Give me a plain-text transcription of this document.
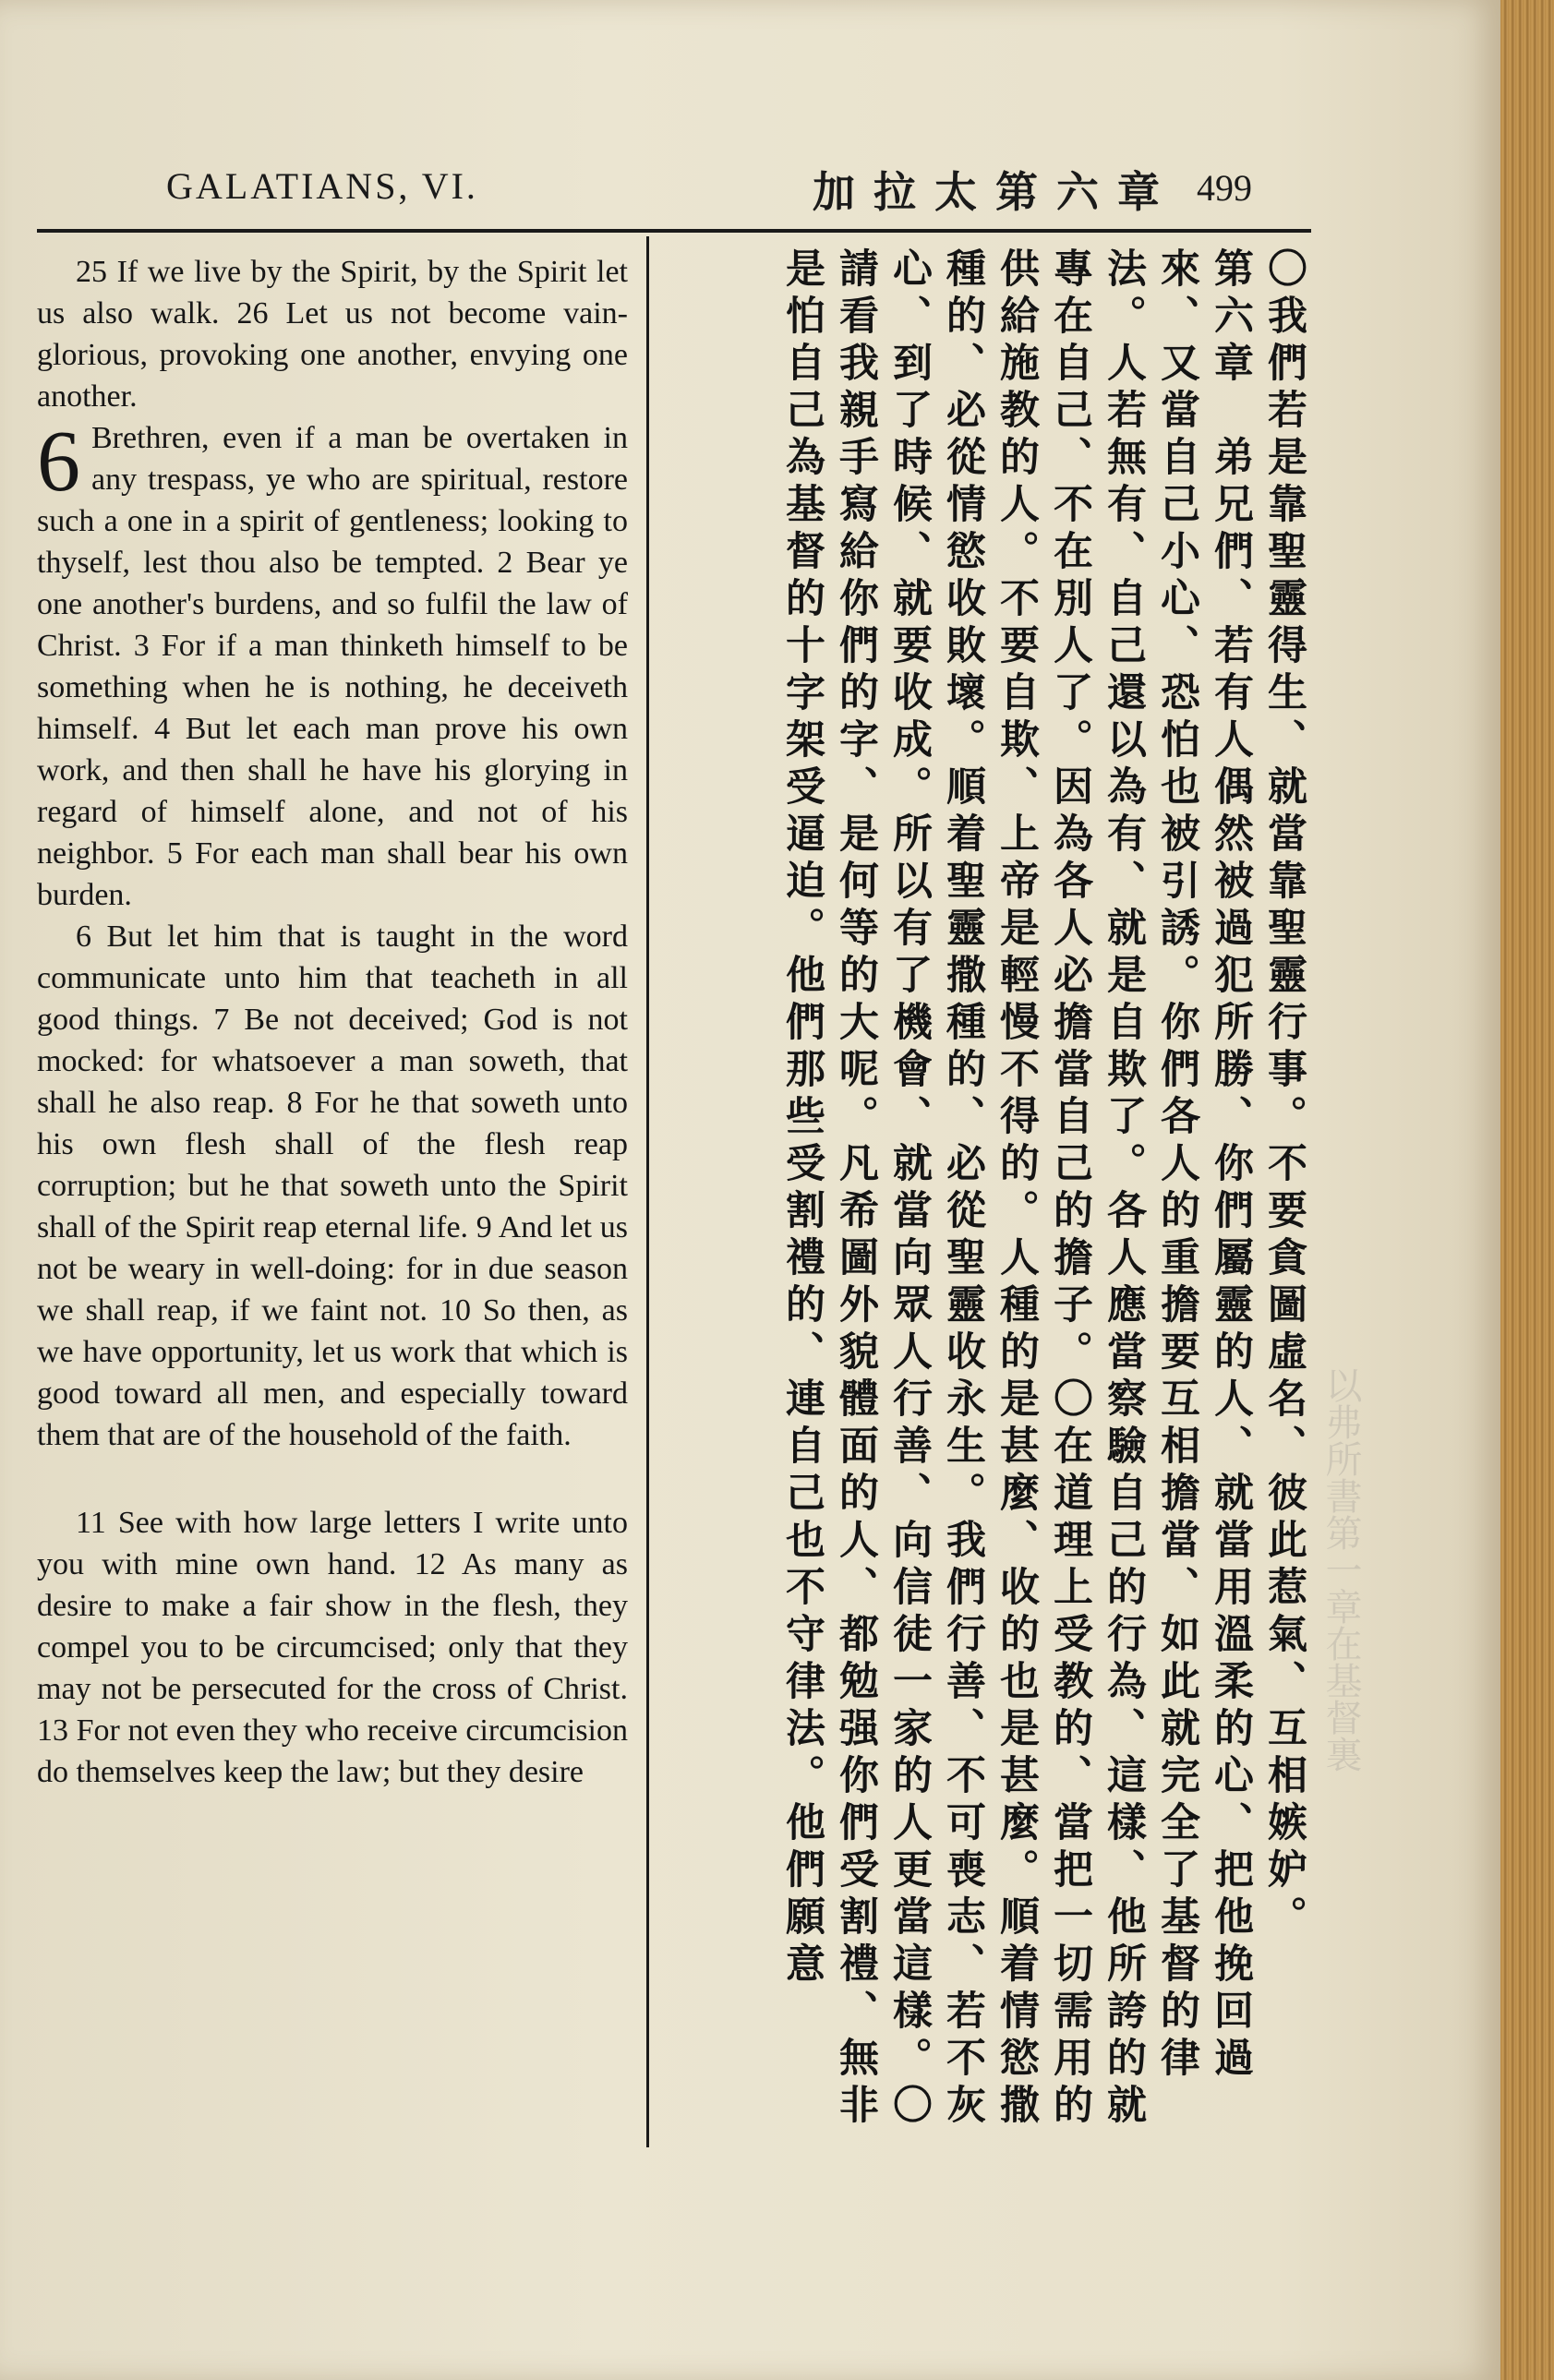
以弗所書第一章在基督裏
GALATIANS, VI.	加拉太第六章 499

25 If we live by the Spirit, by the Spirit let us also walk. 26 Let us not become vain-glorious, provoking one another, envying one another.

6 Brethren, even if a man be overtaken in any trespass, ye who are spiritual, restore such a one in a spirit of gentleness; looking to thyself, lest thou also be tempted. 2 Bear ye one another's burdens, and so fulfil the law of Christ. 3 For if a man thinketh himself to be something when he is nothing, he deceiveth himself. 4 But let each man prove his own work, and then shall he have his glorying in regard of himself alone, and not of his neighbor. 5 For each man shall bear his own burden.

6 But let him that is taught in the word communicate unto him that teacheth in all good things. 7 Be not deceived; God is not mocked: for whatsoever a man soweth, that shall he also reap. 8 For he that soweth unto his own flesh shall of the flesh reap corruption; but he that soweth unto the Spirit shall of the Spirit reap eternal life. 9 And let us not be weary in well-doing: for in due season we shall reap, if we faint not. 10 So then, as we have opportunity, let us work that which is good toward all men, and especially toward them that are of the household of the faith.

11 See with how large letters I write unto you with mine own hand. 12 As many as desire to make a fair show in the flesh, they compel you to be circumcised; only that they may not be persecuted for the cross of Christ. 13 For not even they who receive circumcision do themselves keep the law; but they desire	〇我們若是靠聖靈得生、就當靠聖靈行事。不要貪圖虛名、彼此惹氣、互相嫉妒。

第六章　弟兄們、若有人偶然被過犯所勝、你們屬靈的人、就當用溫柔的心、把他挽回過來、又當自己小心、恐怕也被引誘。你們各人的重擔要互相擔當、如此就完全了基督的律法。人若無有、自己還以為有、就是自欺了。各人應當察驗自己的行為、這樣、他所誇的就專在自己、不在別人了。因為各人必擔當自己的擔子。〇在道理上受教的、當把一切需用的供給施教的人。不要自欺、上帝是輕慢不得的。人種的是甚麼、收的也是甚麼。順着情慾撒種的、必從情慾收敗壞。順着聖靈撒種的、必從聖靈收永生。我們行善、不可喪志、若不灰心、到了時候、就要收成。所以有了機會、就當向眾人行善、向信徒一家的人更當這樣。〇請看我親手寫給你們的字、是何等的大呢。凡希圖外貌體面的人、都勉强你們受割禮、無非是怕自己為基督的十字架受逼迫。他們那些受割禮的、連自己也不守律法。他們願意
